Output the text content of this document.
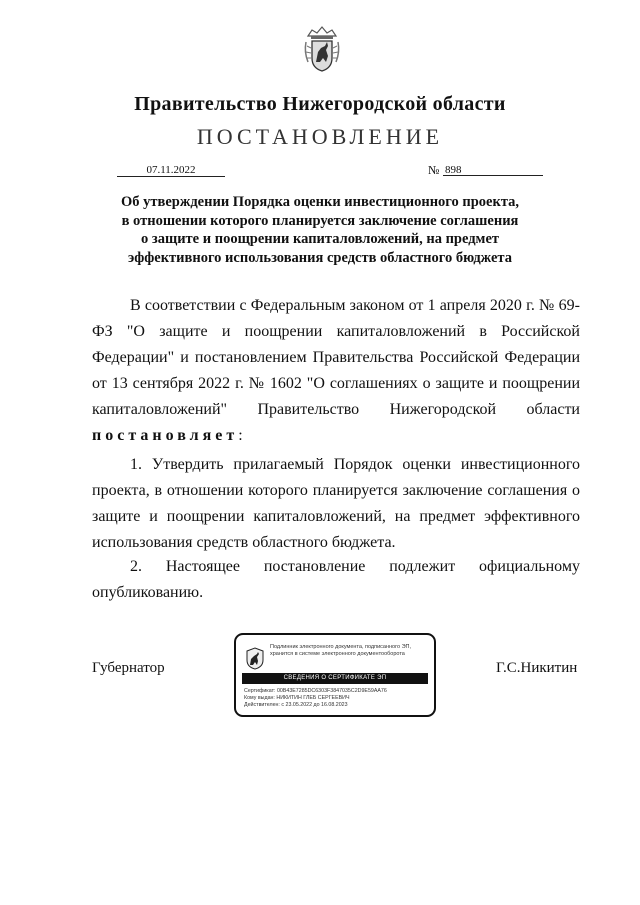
Правительство Нижегородской области
ПОСТАНОВЛЕНИЕ
07.11.2022	№ 898
Об утверждении Порядка оценки инвестиционного проекта,
в отношении которого планируется заключение соглашения
о защите и поощрении капиталовложений, на предмет
эффективного использования средств областного бюджета
В соответствии с Федеральным законом от 1 апреля 2020 г. № 69-ФЗ "О защите и поощрении капиталовложений в Российской Федерации" и постановлением Правительства Российской Федерации от 13 сентября 2022 г. № 1602 "О соглашениях о защите и поощрении капиталовложений" Правительство Нижегородской области постановляет:
1. Утвердить прилагаемый Порядок оценки инвестиционного проекта, в отношении которого планируется заключение соглашения о защите и поощрении капиталовложений, на предмет эффективного использования средств областного бюджета.
2. Настоящее постановление подлежит официальному опубликованию.
Губернатор	Г.С.Никитин
Подлинник электронного документа, подписанного ЭП, хранится в системе электронного документооборота
СВЕДЕНИЯ О СЕРТИФИКАТЕ ЭП
Сертификат: 00B43E7285DC6303F3847035C2D9E59AA76
Кому выдан: НИКИТИН ГЛЕБ СЕРГЕЕВИЧ
Действителен: с 23.05.2022 до 16.08.2023
